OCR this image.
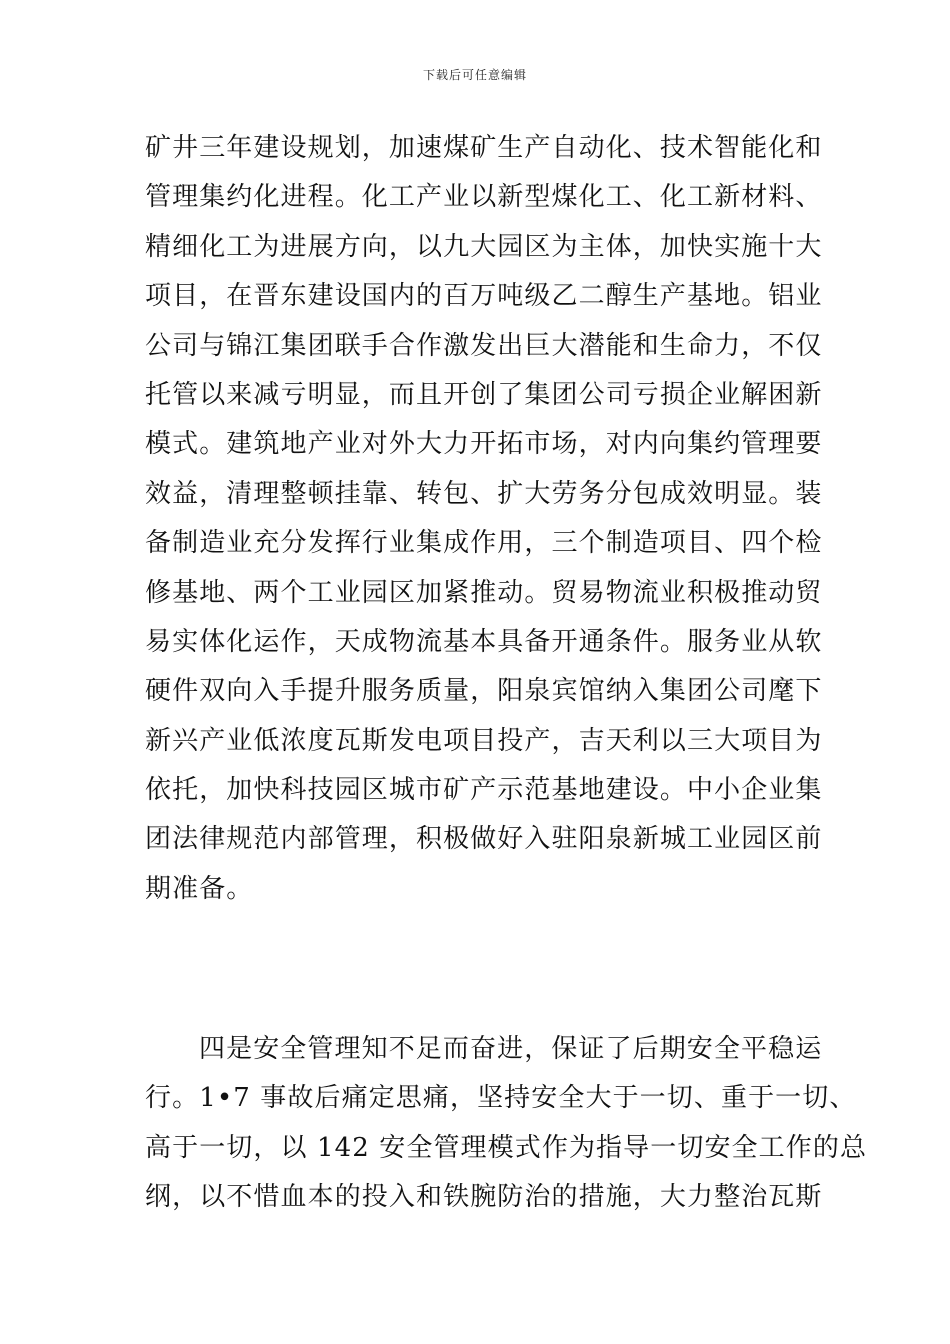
下载后可任意编辑
矿井三年建设规划，加速煤矿生产自动化、技术智能化和
管理集约化进程。化工产业以新型煤化工、化工新材料、
精细化工为进展方向，以九大园区为主体，加快实施十大
项目，在晋东建设国内的百万吨级乙二醇生产基地。铝业
公司与锦江集团联手合作激发出巨大潜能和生命力，不仅
托管以来减亏明显，而且开创了集团公司亏损企业解困新
模式。建筑地产业对外大力开拓市场，对内向集约管理要
效益，清理整顿挂靠、转包、扩大劳务分包成效明显。装
备制造业充分发挥行业集成作用，三个制造项目、四个检
修基地、两个工业园区加紧推动。贸易物流业积极推动贸
易实体化运作，天成物流基本具备开通条件。服务业从软
硬件双向入手提升服务质量，阳泉宾馆纳入集团公司麾下
新兴产业低浓度瓦斯发电项目投产，吉天利以三大项目为
依托，加快科技园区城市矿产示范基地建设。中小企业集
团法律规范内部管理，积极做好入驻阳泉新城工业园区前
期准备。
四是安全管理知不足而奋进，保证了后期安全平稳运
行。1•7 事故后痛定思痛，坚持安全大于一切、重于一切、
高于一切，以 142 安全管理模式作为指导一切安全工作的总
纲，以不惜血本的投入和铁腕防治的措施，大力整治瓦斯
